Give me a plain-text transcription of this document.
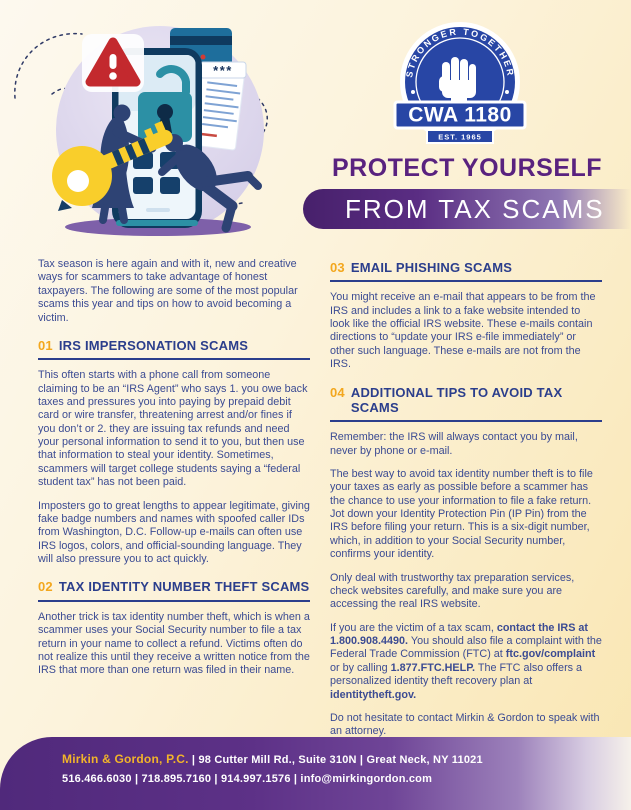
***	STRONGER TOGETHER
CWA 1180
EST. 1965
PROTECT YOURSELF
FROM TAX SCAMS

Tax season is here again and with it, new and creative ways for scammers to take advantage of honest taxpayers. The following are some of the most popular scams this year and tips on how to avoid becoming a victim.

01 IRS IMPERSONATION SCAMS

This often starts with a phone call from someone claiming to be an “IRS Agent” who says 1. you owe back taxes and pressures you into paying by prepaid debit card or wire transfer, threatening arrest and/or fines if you don’t or 2. they are issuing tax refunds and need your personal information to send it to you, but then use that information to steal your identity. Sometimes, scammers will target college students saying a “federal student tax” has not been paid.

Imposters go to great lengths to appear legitimate, giving fake badge numbers and names with spoofed caller IDs from Washington, D.C. Follow-up e-mails can often use IRS logos, colors, and official-sounding language. They will also pressure you to act quickly.

02 TAX IDENTITY NUMBER THEFT SCAMS

Another trick is tax identity number theft, which is when a scammer uses your Social Security number to file a tax return in your name to collect a refund. Victims often do not realize this until they receive a written notice from the IRS that more than one return was filed in their name.

03 EMAIL PHISHING SCAMS

You might receive an e-mail that appears to be from the IRS and includes a link to a fake website intended to look like the official IRS website. These e-mails contain directions to “update your IRS e-file immediately” or other such language. These e-mails are not from the IRS.

04 ADDITIONAL TIPS TO AVOID TAX SCAMS

Remember: the IRS will always contact you by mail, never by phone or e-mail.

The best way to avoid tax identity number theft is to file your taxes as early as possible before a scammer has the chance to use your information to file a fake return. Jot down your Identity Protection Pin (IP Pin) from the IRS before filing your return. This is a six-digit number, which, in addition to your Social Security number, confirms your identity.

Only deal with trustworthy tax preparation services, check websites carefully, and make sure you are accessing the real IRS website.

If you are the victim of a tax scam, contact the IRS at 1.800.908.4490. You should also file a complaint with the Federal Trade Commission (FTC) at ftc.gov/complaint or by calling 1.877.FTC.HELP. The FTC also offers a personalized identity theft recovery plan at identitytheft.gov.

Do not hesitate to contact Mirkin & Gordon to speak with an attorney.

Mirkin & Gordon, P.C. | 98 Cutter Mill Rd., Suite 310N | Great Neck, NY 11021
516.466.6030 | 718.895.7160 | 914.997.1576 | info@mirkingordon.com
